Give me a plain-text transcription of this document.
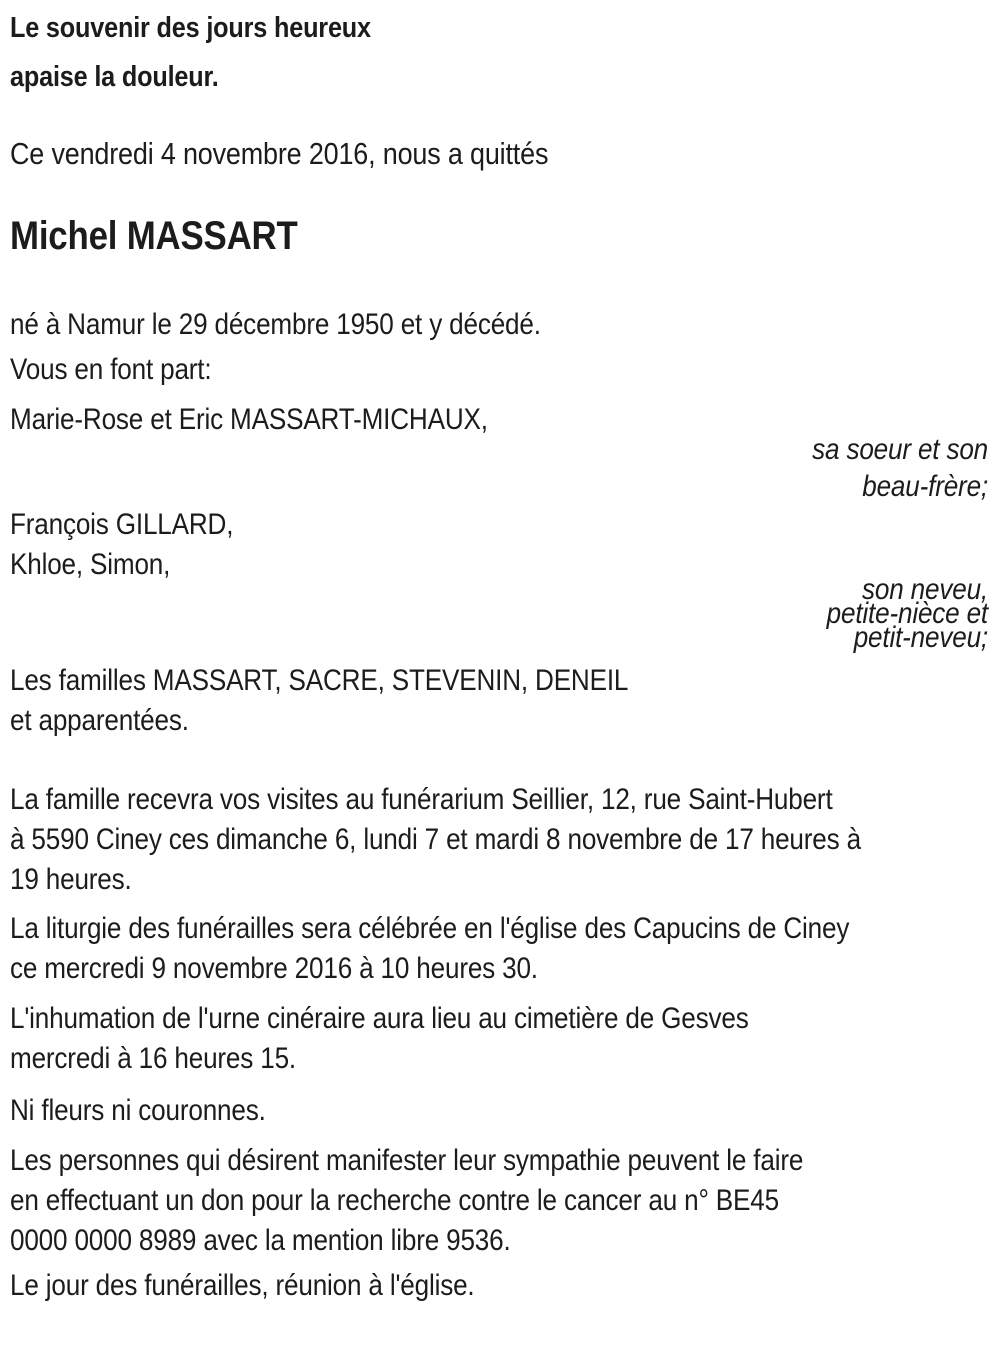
Le souvenir des jours heureux
apaise la douleur.
Ce vendredi 4 novembre 2016, nous a quittés
Michel MASSART
né à Namur le 29 décembre 1950 et y décédé.
Vous en font part:
Marie-Rose et Eric MASSART-MICHAUX,
sa soeur et son
beau-frère;
François GILLARD,
Khloe, Simon,
son neveu,
petite-nièce et
petit-neveu;
Les familles MASSART, SACRE, STEVENIN, DENEIL
et apparentées.
La famille recevra vos visites au funérarium Seillier, 12, rue Saint-Hubert
à 5590 Ciney ces dimanche 6, lundi 7 et mardi 8 novembre de 17 heures à
19 heures.
La liturgie des funérailles sera célébrée en l'église des Capucins de Ciney
ce mercredi 9 novembre 2016 à 10 heures 30.
L'inhumation de l'urne cinéraire aura lieu au cimetière de Gesves
mercredi à 16 heures 15.
Ni fleurs ni couronnes.
Les personnes qui désirent manifester leur sympathie peuvent le faire
en effectuant un don pour la recherche contre le cancer au n° BE45
0000 0000 8989 avec la mention libre 9536.
Le jour des funérailles, réunion à l'église.
